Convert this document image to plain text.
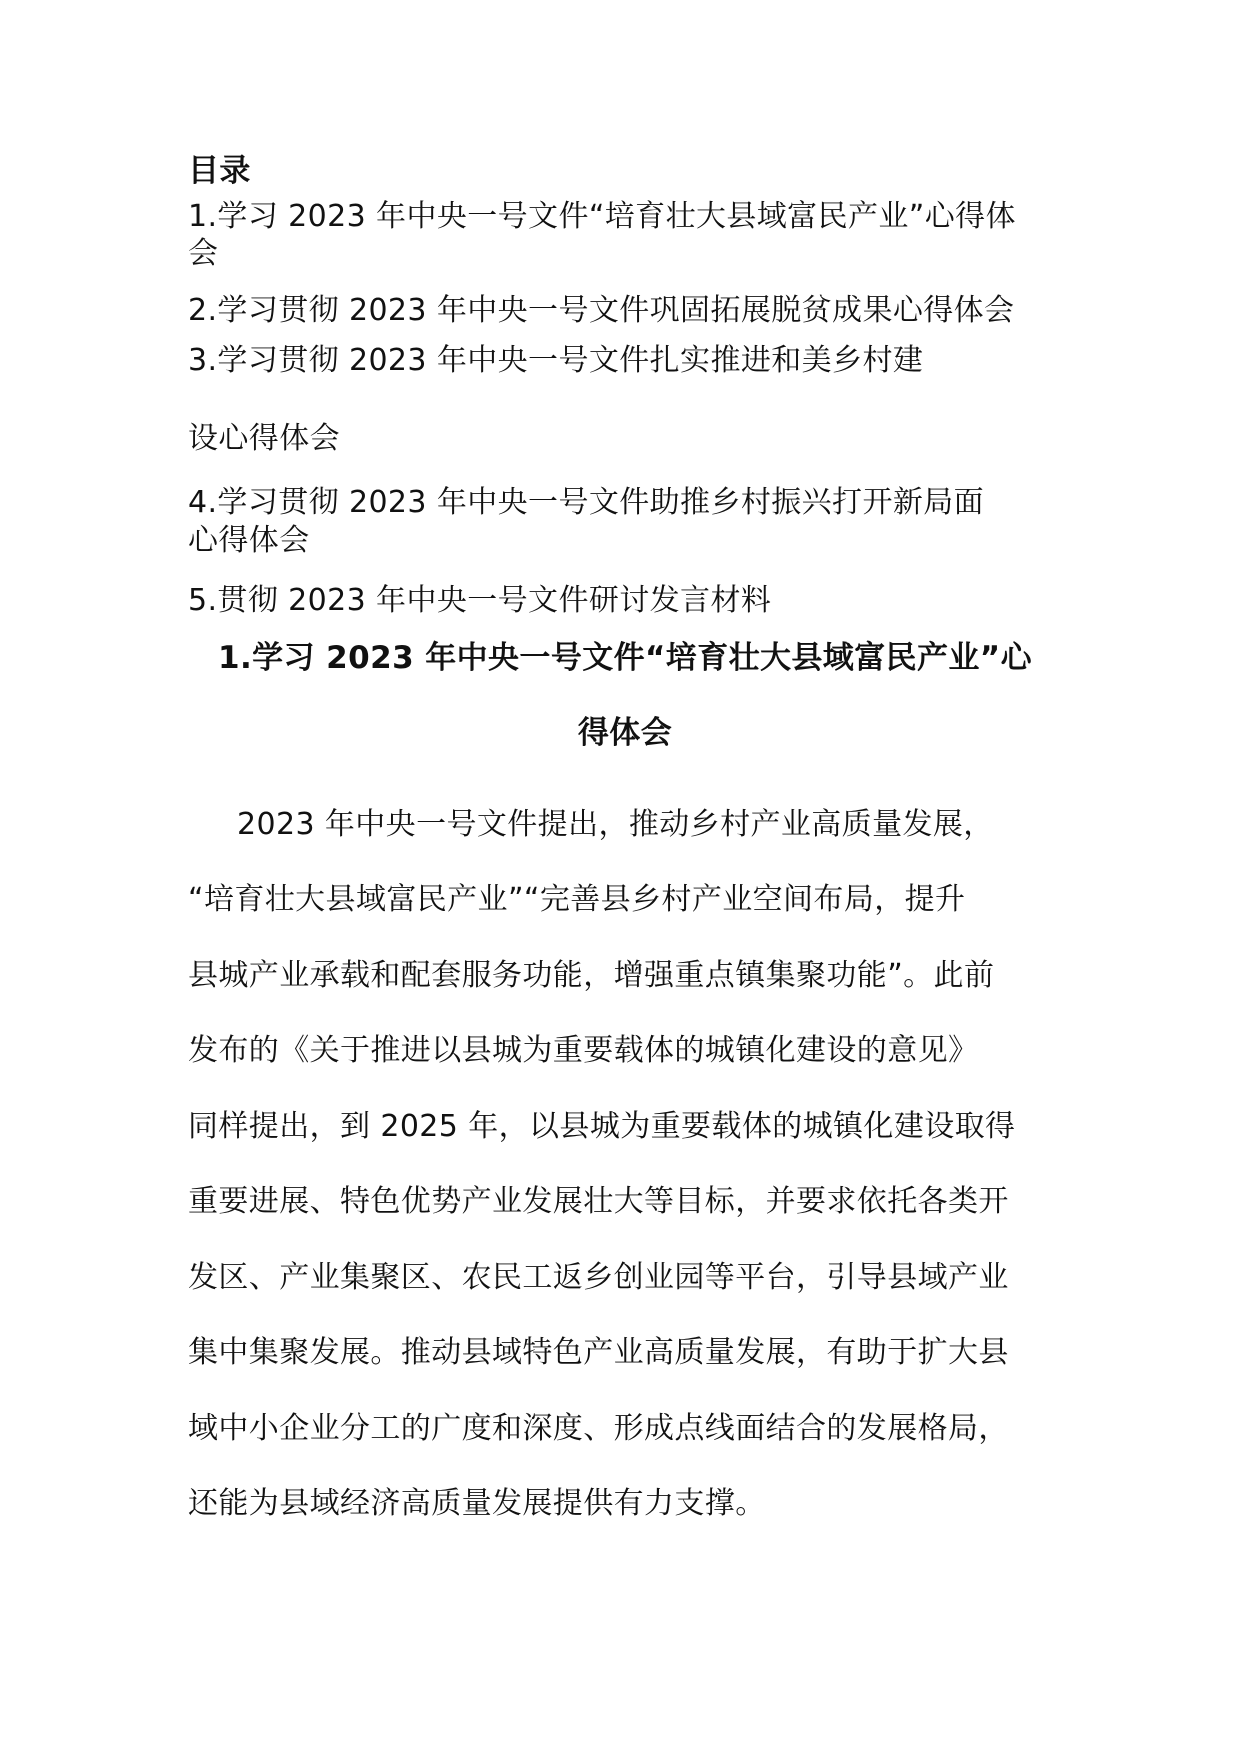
目录
1.学习 2023 年中央一号文件“培育壮大县域富民产业”心得体
会
2.学习贯彻 2023 年中央一号文件巩固拓展脱贫成果心得体会
3.学习贯彻 2023 年中央一号文件扎实推进和美乡村建
设心得体会
4.学习贯彻 2023 年中央一号文件助推乡村振兴打开新局面
心得体会
5.贯彻 2023 年中央一号文件研讨发言材料
1.学习 2023 年中央一号文件“培育壮大县域富民产业”心
得体会
2023 年中央一号文件提出，推动乡村产业高质量发展，
“培育壮大县域富民产业”“完善县乡村产业空间布局，提升
县城产业承载和配套服务功能，增强重点镇集聚功能”。此前
发布的《关于推进以县城为重要载体的城镇化建设的意见》
同样提出，到 2025 年，以县城为重要载体的城镇化建设取得
重要进展、特色优势产业发展壮大等目标，并要求依托各类开
发区、产业集聚区、农民工返乡创业园等平台，引导县域产业
集中集聚发展。推动县域特色产业高质量发展，有助于扩大县
域中小企业分工的广度和深度、形成点线面结合的发展格局，
还能为县域经济高质量发展提供有力支撑。
